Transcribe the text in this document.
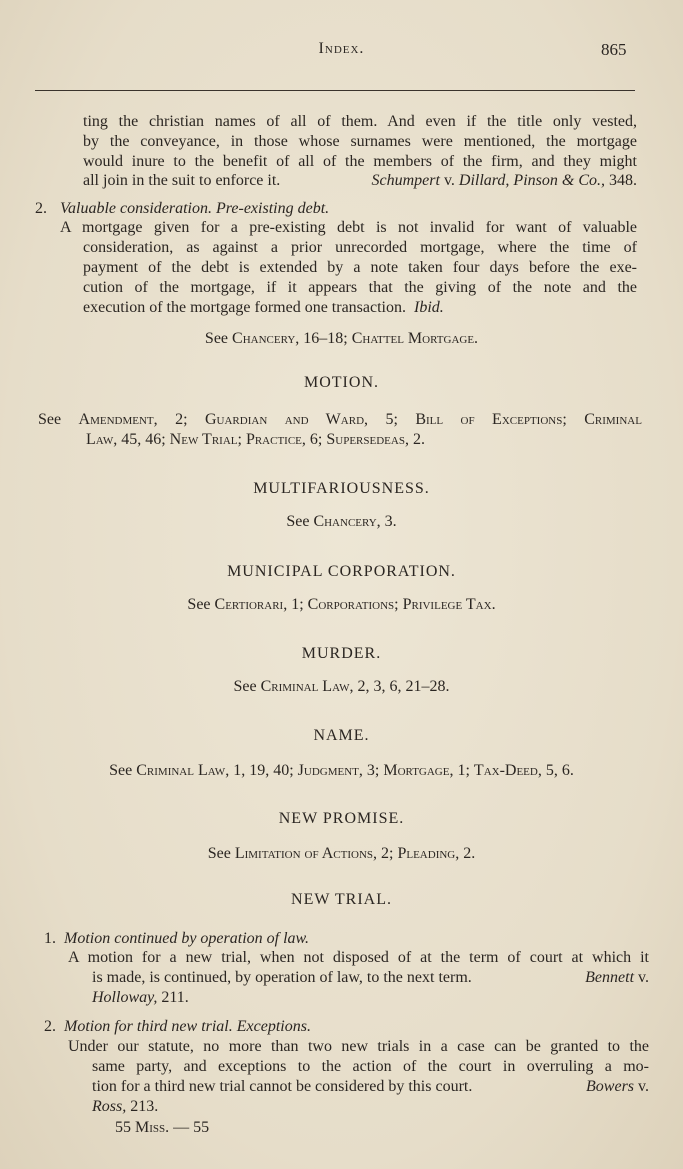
Index.	865
ting the christian names of all of them. And even if the title only vested,
by the conveyance, in those whose surnames were mentioned, the mortgage
would inure to the benefit of all of the members of the firm, and they might
all join in the suit to enforce it.	Schumpert v. Dillard, Pinson & Co., 348.
2. Valuable consideration. Pre-existing debt.
A mortgage given for a pre-existing debt is not invalid for want of valuable
consideration, as against a prior unrecorded mortgage, where the time of
payment of the debt is extended by a note taken four days before the exe-
cution of the mortgage, if it appears that the giving of the note and the
execution of the mortgage formed one transaction. Ibid.
See Chancery, 16–18; Chattel Mortgage.
MOTION.
See Amendment, 2; Guardian and Ward, 5; Bill of Exceptions; Criminal
Law, 45, 46; New Trial; Practice, 6; Supersedeas, 2.
MULTIFARIOUSNESS.
See Chancery, 3.
MUNICIPAL CORPORATION.
See Certiorari, 1; Corporations; Privilege Tax.
MURDER.
See Criminal Law, 2, 3, 6, 21–28.
NAME.
See Criminal Law, 1, 19, 40; Judgment, 3; Mortgage, 1; Tax-Deed, 5, 6.
NEW PROMISE.
See Limitation of Actions, 2; Pleading, 2.
NEW TRIAL.
1. Motion continued by operation of law.
A motion for a new trial, when not disposed of at the term of court at which it
is made, is continued, by operation of law, to the next term.	Bennett v.
Holloway, 211.
2. Motion for third new trial. Exceptions.
Under our statute, no more than two new trials in a case can be granted to the
same party, and exceptions to the action of the court in overruling a mo-
tion for a third new trial cannot be considered by this court.	Bowers v.
Ross, 213.
55 Miss. — 55
